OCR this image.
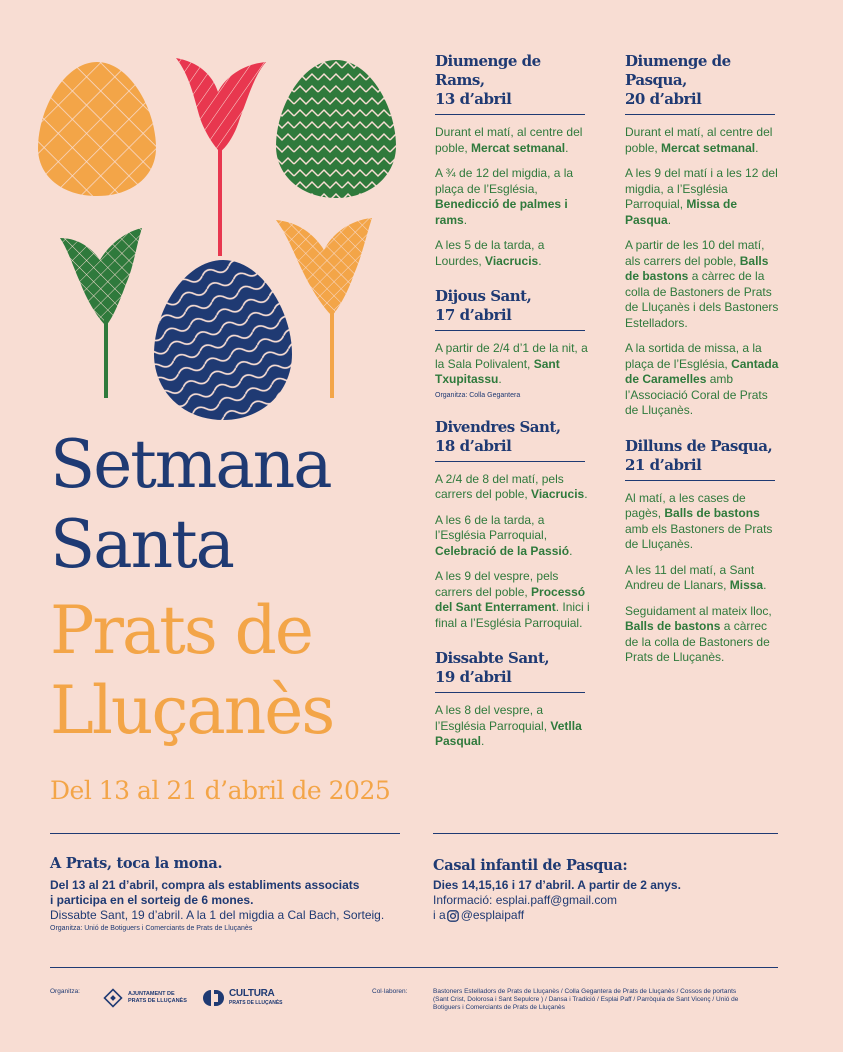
Setmana
Santa
Prats de
Lluçanès
Del 13 al 21 d’abril de 2025
Diumenge de Rams,
13 d’abril

Durant el matí, al centre del poble, Mercat setmanal.

A ¾ de 12 del migdia, a la plaça de l’Església, Benedicció de palmes i rams.

A les 5 de la tarda, a Lourdes, Viacrucis.

Dijous Sant,
17 d’abril

A partir de 2/4 d’1 de la nit, a la Sala Polivalent, Sant Txupitassu.

Organitza: Colla Gegantera

Divendres Sant,
18 d’abril

A 2/4 de 8 del matí, pels carrers del poble, Viacrucis.

A les 6 de la tarda, a l’Església Parroquial, Celebració de la Passió.

A les 9 del vespre, pels carrers del poble, Processó del Sant Enterrament. Inici i final a l’Església Parroquial.

Dissabte Sant,
19 d’abril

A les 8 del vespre, a l’Església Parroquial, Vetlla Pasqual.

Diumenge de Pasqua,
20 d’abril

Durant el matí, al centre del poble, Mercat setmanal.

A les 9 del matí i a les 12 del migdia, a l’Església Parroquial, Missa de Pasqua.

A partir de les 10 del matí, als carrers del poble, Balls de bastons a càrrec de la colla de Bastoners de Prats de Lluçanès i dels Bastoners Estelladors.

A la sortida de missa, a la plaça de l’Església, Cantada de Caramelles amb l’Associació Coral de Prats de Lluçanès.

Dilluns de Pasqua,
21 d’abril

Al matí, a les cases de pagès, Balls de bastons amb els Bastoners de Prats de Lluçanès.

A les 11 del matí, a Sant Andreu de Llanars, Missa.

Seguidament al mateix lloc, Balls de bastons a càrrec de la colla de Bastoners de Prats de Lluçanès.

A Prats, toca la mona.
Del 13 al 21 d’abril, compra als establiments associats
i participa en el sorteig de 6 mones.
Dissabte Sant, 19 d’abril. A la 1 del migdia a Cal Bach, Sorteig.
Organitza: Unió de Botiguers i Comerciants de Prats de Lluçanès
Casal infantil de Pasqua:
Dies 14,15,16 i 17 d’abril. A partir de 2 anys.
Informació: esplai.paff@gmail.com
i a @esplaipaff
Organitza:	AJUNTAMENT DE
PRATS DE LLUÇANÈS
CULTURA
PRATS DE LLUÇANÈS
Col·laboren:	Bastoners Estelladors de Prats de Lluçanès / Colla Gegantera de Prats de Lluçanès / Cossos de portants
(Sant Crist, Dolorosa i Sant Sepulcre ) / Dansa i Tradició / Esplai Paff / Parròquia de Sant Vicenç / Unió de
Botiguers i Comerciants de Prats de Lluçanès
